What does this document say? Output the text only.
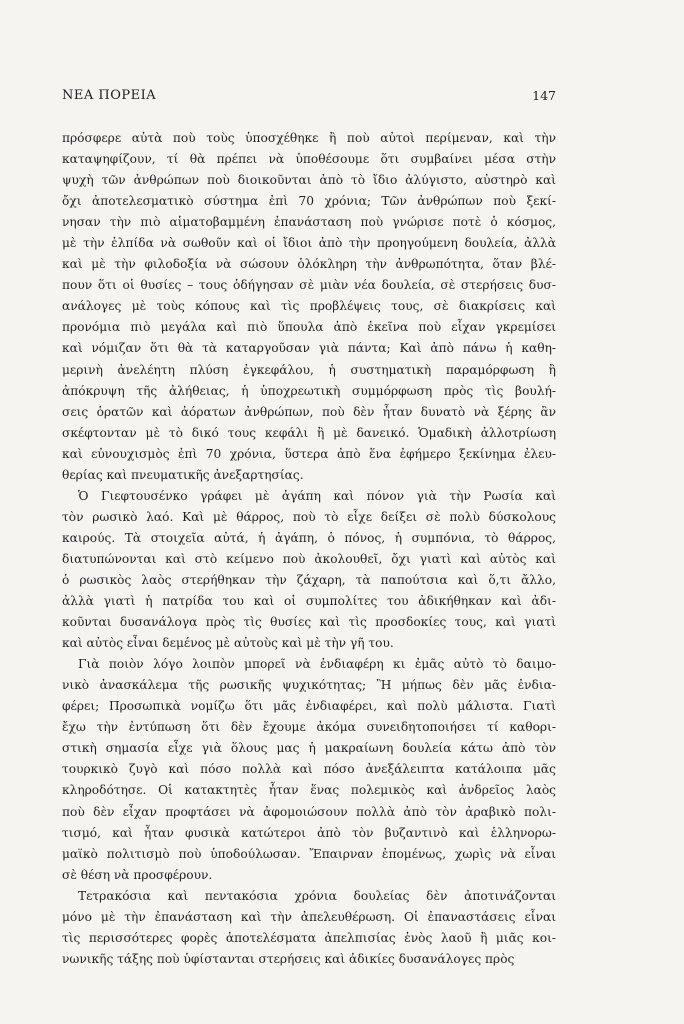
ΝΕΑ ΠΟΡΕΙΑ	147
πρόσφερε αὐτὰ ποὺ τοὺς ὑποσχέθηκε ἢ ποὺ αὐτοὶ περίμεναν, καὶ τὴν
καταψηφίζουν, τί θὰ πρέπει νὰ ὑποθέσουμε ὅτι συμβαίνει μέσα στὴν
ψυχὴ τῶν ἀνθρώπων ποὺ διοικοῦνται ἀπὸ τὸ ἴδιο ἀλύγιστο, αὐστηρὸ καὶ
ὄχι ἀποτελεσματικὸ σύστημα ἐπὶ 70 χρόνια; Τῶν ἀνθρώπων ποὺ ξεκί-
νησαν τὴν πιὸ αἱματοβαμμένη ἐπανάσταση ποὺ γνώρισε ποτὲ ὁ κόσμος,
μὲ τὴν ἐλπίδα νὰ σωθοῦν καὶ οἱ ἴδιοι ἀπὸ τὴν προηγούμενη δουλεία, ἀλλὰ
καὶ μὲ τὴν φιλοδοξία νὰ σώσουν ὁλόκληρη τὴν ἀνθρωπότητα, ὅταν βλέ-
πουν ὅτι οἱ θυσίες – τους ὁδήγησαν σὲ μιὰν νέα δουλεία, σὲ στερήσεις δυσ-
ανάλογες μὲ τοὺς κόπους καὶ τὶς προβλέψεις τους, σὲ διακρίσεις καὶ
προνόμια πιὸ μεγάλα καὶ πιὸ ὕπουλα ἀπὸ ἐκεῖνα ποὺ εἶχαν γκρεμίσει
καὶ νόμιζαν ὅτι θὰ τὰ καταργοῦσαν γιὰ πάντα; Καὶ ἀπὸ πάνω ἡ καθη-
μερινὴ ἀνελέητη πλύση ἐγκεφάλου, ἡ συστηματικὴ παραμόρφωση ἢ
ἀπόκρυψη τῆς ἀλήθειας, ἡ ὑποχρεωτικὴ συμμόρφωση πρὸς τὶς βουλή-
σεις ὁρατῶν καὶ ἀόρατων ἀνθρώπων, ποὺ δὲν ἦταν δυνατὸ νὰ ξέρης ἂν
σκέφτονταν μὲ τὸ δικό τους κεφάλι ἢ μὲ δανεικό. Ὁμαδικὴ ἀλλοτρίωση
καὶ εὐνουχισμὸς ἐπὶ 70 χρόνια, ὕστερα ἀπὸ ἕνα ἐφήμερο ξεκίνημα ἐλευ-
θερίας καὶ πνευματικῆς ἀνεξαρτησίας.
Ὁ Γιεφτουσένκο γράφει μὲ ἀγάπη καὶ πόνον γιὰ τὴν Ρωσία καὶ
τὸν ρωσικὸ λαό. Καὶ μὲ θάρρος, ποὺ τὸ εἶχε δείξει σὲ πολὺ δύσκολους
καιρούς. Τὰ στοιχεῖα αὐτά, ἡ ἀγάπη, ὁ πόνος, ἡ συμπόνια, τὸ θάρρος,
διατυπώνονται καὶ στὸ κείμενο ποὺ ἀκολουθεῖ, ὄχι γιατὶ καὶ αὐτὸς καὶ
ὁ ρωσικὸς λαὸς στερήθηκαν τὴν ζάχαρη, τὰ παπούτσια καὶ ὅ,τι ἄλλο,
ἀλλὰ γιατὶ ἡ πατρίδα του καὶ οἱ συμπολίτες του ἀδικήθηκαν καὶ ἀδι-
κοῦνται δυσανάλογα πρὸς τὶς θυσίες καὶ τὶς προσδοκίες τους, καὶ γιατὶ
καὶ αὐτὸς εἶναι δεμένος μὲ αὐτοὺς καὶ μὲ τὴν γῆ του.
Γιὰ ποιὸν λόγο λοιπὸν μπορεῖ νὰ ἐνδιαφέρη κι ἐμᾶς αὐτὸ τὸ δαιμο-
νικὸ ἀνασκάλεμα τῆς ρωσικῆς ψυχικότητας; Ἢ μήπως δὲν μᾶς ἐνδια-
φέρει; Προσωπικὰ νομίζω ὅτι μᾶς ἐνδιαφέρει, καὶ πολὺ μάλιστα. Γιατὶ
ἔχω τὴν ἐντύπωση ὅτι δὲν ἔχουμε ἀκόμα συνειδητοποιήσει τί καθορι-
στικὴ σημασία εἶχε γιὰ ὅλους μας ἡ μακραίωνη δουλεία κάτω ἀπὸ τὸν
τουρκικὸ ζυγὸ καὶ πόσο πολλὰ καὶ πόσο ἀνεξάλειπτα κατάλοιπα μᾶς
κληροδότησε. Οἱ κατακτητὲς ἦταν ἕνας πολεμικὸς καὶ ἀνδρεῖος λαὸς
ποὺ δὲν εἶχαν προφτάσει νὰ ἀφομοιώσουν πολλὰ ἀπὸ τὸν ἀραβικὸ πολι-
τισμό, καὶ ἦταν φυσικὰ κατώτεροι ἀπὸ τὸν βυζαντινὸ καὶ ἑλληνορω-
μαϊκὸ πολιτισμὸ ποὺ ὑποδούλωσαν. Ἔπαιρναν ἐπομένως, χωρὶς νὰ εἶναι
σὲ θέση νὰ προσφέρουν.
Τετρακόσια καὶ πεντακόσια χρόνια δουλείας δὲν ἀποτινάζονται
μόνο μὲ τὴν ἐπανάσταση καὶ τὴν ἀπελευθέρωση. Οἱ ἐπαναστάσεις εἶναι
τὶς περισσότερες φορὲς ἀποτελέσματα ἀπελπισίας ἑνὸς λαοῦ ἢ μιᾶς κοι-
νωνικῆς τάξης ποὺ ὑφίστανται στερήσεις καὶ ἀδικίες δυσανάλογες πρὸς
